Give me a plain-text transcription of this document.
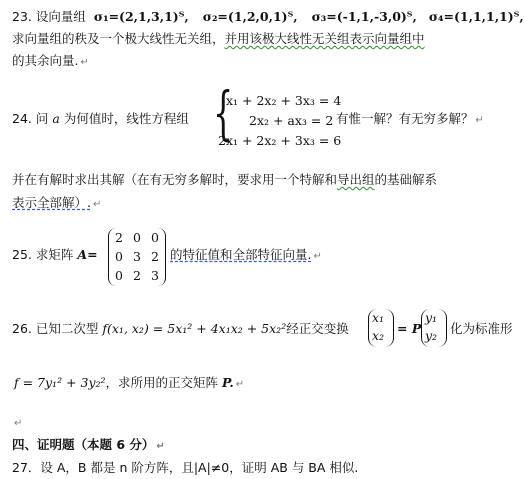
23. 设向量组 σ₁=(2,1,3,1)ᵀ, σ₂=(1,2,0,1)ᵀ, σ₃=(-1,1,-3,0)ᵀ, σ₄=(1,1,1,1)ᵀ,
求向量组的秩及一个极大线性无关组，并用该极大线性无关组表示向量组中
的其余向量. ↵
24. 问 a 为何值时，线性方程组 {
x₁ + 2x₂ + 3x₃ = 4
2x₂ + ax₃ = 2
2x₁ + 2x₂ + 3x₃ = 6
有惟一解？有无穷多解？ ↵
并在有解时求出其解（在有无穷多解时，要求用一个特解和导出组的基础解系
表示全部解）. ↵
25. 求矩阵 A=
2 0 0
0 3 2
0 2 3
的特征值和全部特征向量. ↵
26. 已知二次型 f(x₁, x₂) = 5x₁² + 4x₁x₂ + 5x₂²经正交变换
x₁
x₂ = P
y₁
y₂ 化为标准形
f = 7y₁² + 3y₂²，求所用的正交矩阵 P. ↵
↵
四、证明题（本题 6 分） ↵
27．设 A，B 都是 n 阶方阵，且|A|≠0，证明 AB 与 BA 相似.
